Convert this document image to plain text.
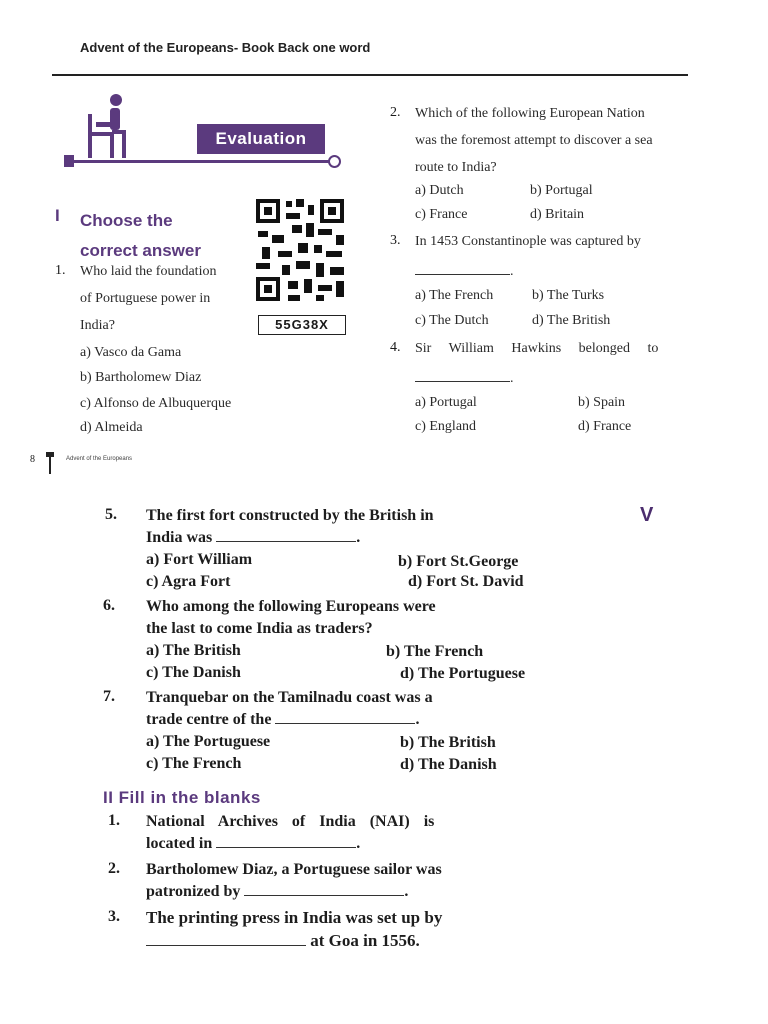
Advent of the Europeans- Book Back one word
Evaluation
I Choose the correct answer
55G38X
1. Who laid the foundation
of Portuguese power in
India?
a) Vasco da Gama
b) Bartholomew Diaz
c) Alfonso de Albuquerque
d) Almeida
2. Which of the following European Nation
was the foremost attempt to discover a sea
route to India?
a) Dutch	b) Portugal
c) France	d) Britain
3. In 1453 Constantinople was captured by
.
a) The French	b) The Turks
c) The Dutch	d) The British
4. Sir William Hawkins belonged to
.
a) Portugal	b) Spain
c) England	d) France
8	Advent of the Europeans
V
5. The first fort constructed by the British in
India was	.
a) Fort William	b) Fort St.George
c) Agra Fort	d) Fort St. David
6. Who among the following Europeans were
the last to come India as traders?
a) The British	b) The French
c) The Danish	d) The Portuguese
7. Tranquebar on the Tamilnadu coast was a
trade centre of the	.
a) The Portuguese	b) The British
c) The French	d) The Danish
II Fill in the blanks
1. National Archives of India (NAI) is
located in	.
2. Bartholomew Diaz, a Portuguese sailor was
patronized by	.
3. The printing press in India was set up by
at Goa in 1556.
